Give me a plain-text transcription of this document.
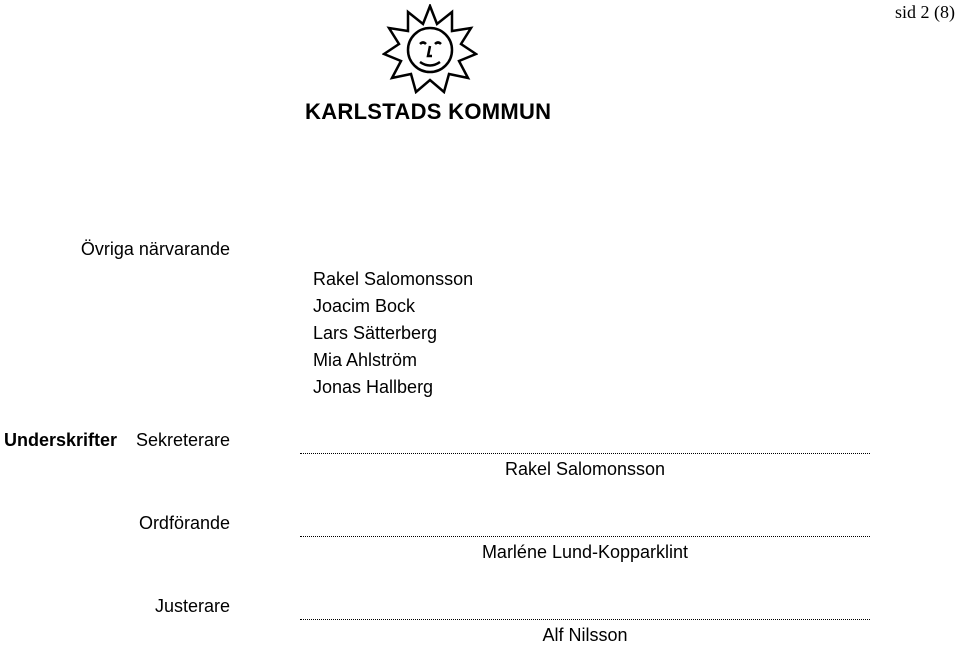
sid 2 (8)
KARLSTADS KOMMUN
Övriga närvarande
Rakel Salomonsson
Joacim Bock
Lars Sätterberg
Mia Ahlström
Jonas Hallberg
Underskrifter Sekreterare
Rakel Salomonsson
Ordförande
Marléne Lund-Kopparklint
Justerare
Alf Nilsson
